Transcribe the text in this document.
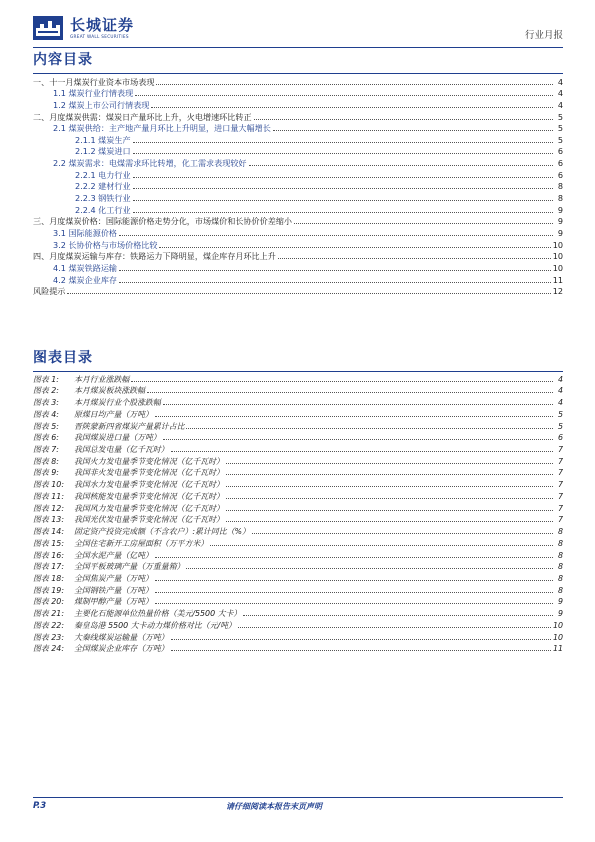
长城证券
GREAT WALL SECURITIES	行业月报
内容目录
一、十一月煤炭行业资本市场表现	4
1.1 煤炭行业行情表现	4
1.2 煤炭上市公司行情表现	4
二、月度煤炭供需：煤炭日产量环比上升，火电增速环比转正	5
2.1 煤炭供给：主产地产量月环比上升明显，进口量大幅增长	5
2.1.1 煤炭生产	5
2.1.2 煤炭进口	6
2.2 煤炭需求：电煤需求环比转增，化工需求表现较好	6
2.2.1 电力行业	6
2.2.2 建材行业	8
2.2.3 钢铁行业	8
2.2.4 化工行业	9
三、月度煤炭价格：国际能源价格走势分化，市场煤价和长协价价差缩小	9
3.1 国际能源价格	9
3.2 长协价格与市场价格比较	10
四、月度煤炭运输与库存：铁路运力下降明显，煤企库存月环比上升	10
4.1 煤炭铁路运输	10
4.2 煤炭企业库存	11
风险提示	12
图表目录
图表 1:	本月行业涨跌幅	4
图表 2:	本月煤炭板块涨跌幅	4
图表 3:	本月煤炭行业个股涨跌幅	4
图表 4:	原煤日均产量（万吨）	5
图表 5:	晋陕蒙新四省煤炭产量累计占比	5
图表 6:	我国煤炭进口量（万吨）	6
图表 7:	我国总发电量（亿千瓦时）	7
图表 8:	我国火力发电量季节变化情况（亿千瓦时）	7
图表 9:	我国非火发电量季节变化情况（亿千瓦时）	7
图表 10:	我国水力发电量季节变化情况（亿千瓦时）	7
图表 11:	我国核能发电量季节变化情况（亿千瓦时）	7
图表 12:	我国风力发电量季节变化情况（亿千瓦时）	7
图表 13:	我国光伏发电量季节变化情况（亿千瓦时）	7
图表 14:	固定资产投资完成额（不含农户）:累计同比（%）	8
图表 15:	全国住宅新开工房屋面积（万平方米）	8
图表 16:	全国水泥产量（亿吨）	8
图表 17:	全国平板玻璃产量（万重量箱）	8
图表 18:	全国焦炭产量（万吨）	8
图表 19:	全国钢铁产量（万吨）	8
图表 20:	煤制甲醇产量（万吨）	9
图表 21:	主要化石能源单位热量价格（美元/5500 大卡）	9
图表 22:	秦皇岛港 5500 大卡动力煤价格对比（元/吨）	10
图表 23:	大秦线煤炭运输量（万吨）	10
图表 24:	全国煤炭企业库存（万吨）	11
P.3	请仔细阅读本报告末页声明
